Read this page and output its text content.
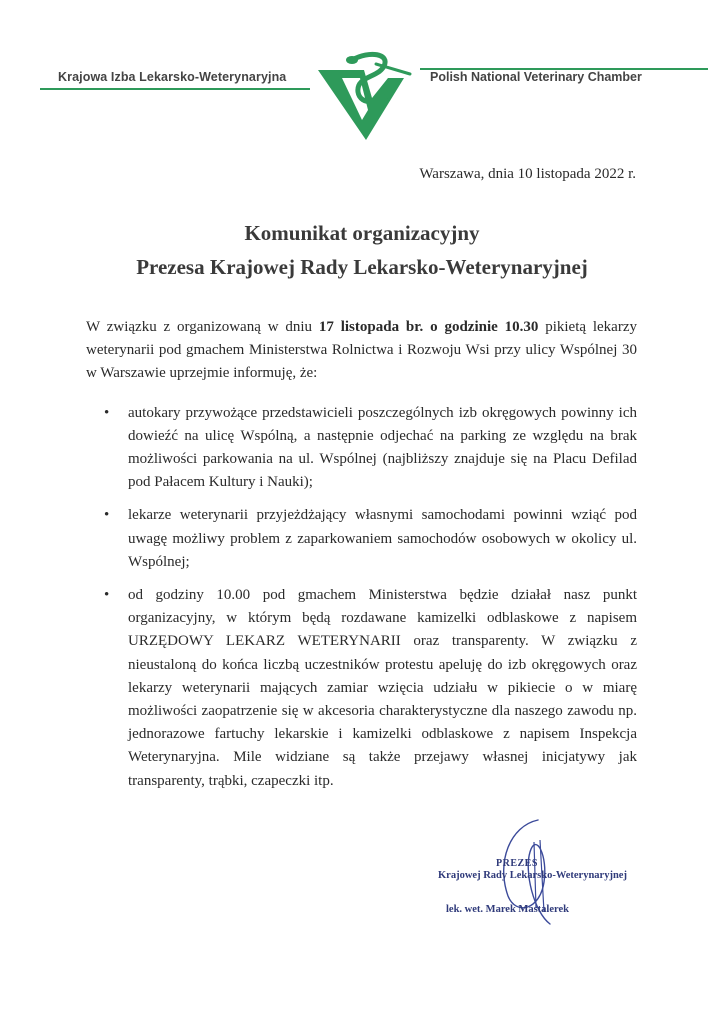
Krajowa Izba Lekarsko-Weterynaryjna	Polish National Veterinary Chamber
Warszawa, dnia 10 listopada 2022 r.
Komunikat organizacyjny
Prezesa Krajowej Rady Lekarsko-Weterynaryjnej

W związku z organizowaną w dniu 17 listopada br. o godzinie 10.30 pikietą lekarzy weterynarii pod gmachem Ministerstwa Rolnictwa i Rozwoju Wsi przy ulicy Wspólnej 30 w Warszawie uprzejmie informuję, że:

• autokary przywożące przedstawicieli poszczególnych izb okręgowych powinny ich dowieźć na ulicę Wspólną, a następnie odjechać na parking ze względu na brak możliwości parkowania na ul. Wspólnej (najbliższy znajduje się na Placu Defilad pod Pałacem Kultury i Nauki);
• lekarze weterynarii przyjeżdżający własnymi samochodami powinni wziąć pod uwagę możliwy problem z zaparkowaniem samochodów osobowych w okolicy ul. Wspólnej;
• od godziny 10.00 pod gmachem Ministerstwa będzie działał nasz punkt organizacyjny, w którym będą rozdawane kamizelki odblaskowe z napisem URZĘDOWY LEKARZ WETERYNARII oraz transparenty. W związku z nieustaloną do końca liczbą uczestników protestu apeluję do izb okręgowych oraz lekarzy weterynarii mających zamiar wzięcia udziału w pikiecie o w miarę możliwości zaopatrzenie się w akcesoria charakterystyczne dla naszego zawodu np. jednorazowe fartuchy lekarskie i kamizelki odblaskowe z napisem Inspekcja Weterynaryjna. Mile widziane są także przejawy własnej inicjatywy jak transparenty, trąbki, czapeczki itp.
PREZES
Krajowej Rady Lekarsko-Weterynaryjnej
lek. wet. Marek Mastalerek
